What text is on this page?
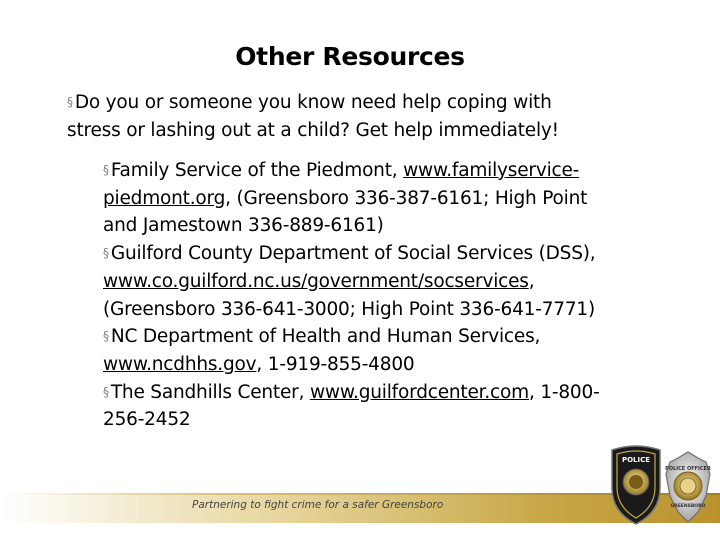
Other Resources
§ Do you or someone you know need help coping with
stress or lashing out at a child? Get help immediately!
§ Family Service of the Piedmont, www.familyservice-
piedmont.org, (Greensboro 336-387-6161; High Point
and Jamestown 336-889-6161)
§ Guilford County Department of Social Services (DSS),
www.co.guilford.nc.us/government/socservices,
(Greensboro 336-641-3000; High Point 336-641-7771)
§ NC Department of Health and Human Services,
www.ncdhhs.gov, 1-919-855-4800
§ The Sandhills Center, www.guilfordcenter.com, 1-800-
256-2452
Partnering to fight crime for a safer Greensboro
POLICE
POLICE OFFICER
GREENSBORO
